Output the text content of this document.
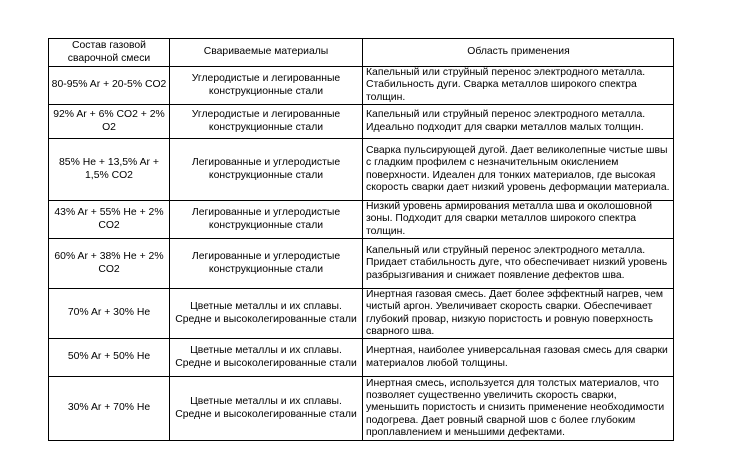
Состав газовой сварочной смеси	Свариваемые материалы	Область применения
80-95% Ar + 20-5% CO2	Углеродистые и легированные конструкционные стали	Капельный или струйный перенос электродного металла. Стабильность дуги. Сварка металлов широкого спектра толщин.
92% Ar + 6% CO2 + 2% O2	Углеродистые и легированные конструкционные стали	Капельный или струйный перенос электродного металла. Идеально подходит для сварки металлов малых толщин.
85% He + 13,5% Ar + 1,5% CO2	Легированные и углеродистые конструкционные стали	Сварка пульсирующей дугой. Дает великолепные чистые швы с гладким профилем с незначительным окислением поверхности. Идеален для тонких материалов, где высокая скорость сварки дает низкий уровень деформации материала.
43% Ar + 55% He + 2% CO2	Легированные и углеродистые конструкционные стали	Низкий уровень армирования металла шва и околошовной зоны. Подходит для сварки металлов широкого спектра толщин.
60% Ar + 38% He + 2% CO2	Легированные и углеродистые конструкционные стали	Капельный или струйный перенос электродного металла. Придает стабильность дуге, что обеспечивает низкий уровень разбрызгивания и снижает появление дефектов шва.
70% Ar + 30% He	Цветные металлы и их сплавы. Средне и высоколегированные стали	Инертная газовая смесь. Дает более эффектный нагрев, чем чистый аргон. Увеличивает скорость сварки. Обеспечивает глубокий провар, низкую пористость и ровную поверхность сварного шва.
50% Ar + 50% He	Цветные металлы и их сплавы. Средне и высоколегированные стали	Инертная, наиболее универсальная газовая смесь для сварки материалов любой толщины.
30% Ar + 70% He	Цветные металлы и их сплавы. Средне и высоколегированные стали	Инертная смесь, используется для толстых материалов, что позволяет существенно увеличить скорость сварки, уменьшить пористость и снизить применение необходимости подогрева. Дает ровный сварной шов с более глубоким проплавлением и меньшими дефектами.
